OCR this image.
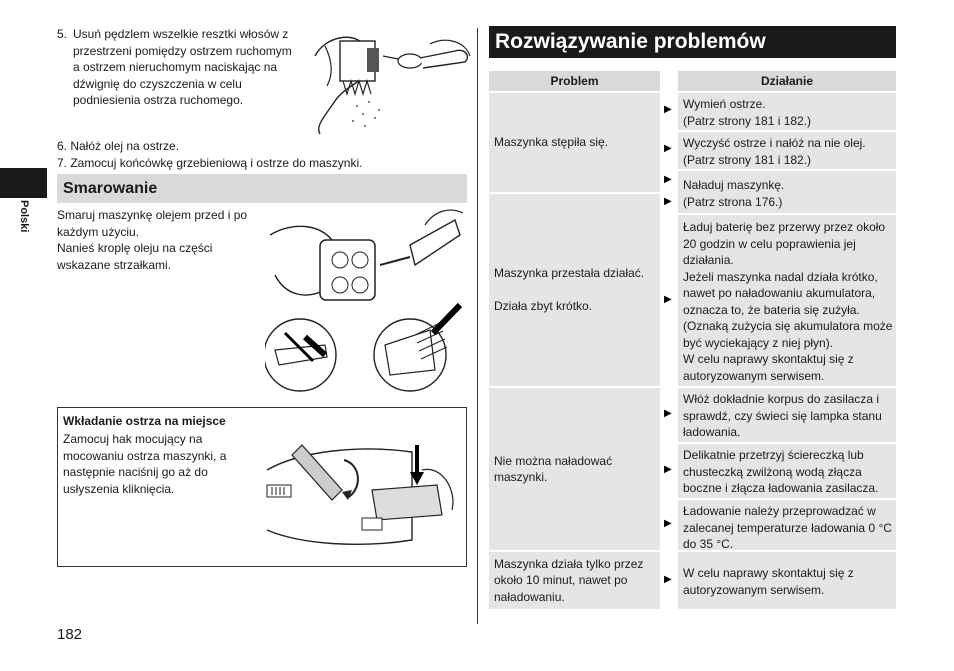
Polski
5. Usuń pędzlem wszelkie resztki włosów z przestrzeni pomiędzy ostrzem ruchomym a ostrzem nieruchomym naciskając na dźwignię do czyszczenia w celu podniesienia ostrza ruchomego.
6. Nałóż olej na ostrze.
7. Zamocuj końcówkę grzebieniową i ostrze do maszynki.
Smarowanie
Smaruj maszynkę olejem przed i po każdym użyciu.
Nanieś kroplę oleju na części wskazane strzałkami.
Wkładanie ostrza na miejsce
Zamocuj hak mocujący na mocowaniu ostrza maszynki, a następnie naciśnij go aż do usłyszenia kliknięcia.
Rozwiązywanie problemów
Problem	Działanie
Maszynka stępiła się.
Wymień ostrze.
(Patrz strony 181 i 182.)
Wyczyść ostrze i nałóż na nie olej.
(Patrz strony 181 i 182.)
Naładuj maszynkę.
(Patrz strona 176.)
▶
▶
▶
▶
Maszynka przestała działać.

Działa zbyt krótko.
Ładuj baterię bez przerwy przez około 20 godzin w celu poprawienia jej działania.
Jeżeli maszynka nadal działa krótko, nawet po naładowaniu akumulatora, oznacza to, że bateria się zużyła. (Oznaką zużycia się akumulatora może być wyciekający z niej płyn).
W celu naprawy skontaktuj się z autoryzowanym serwisem.
▶
Nie można naładować maszynki.
Włóż dokładnie korpus do zasilacza i sprawdź, czy świeci się lampka stanu ładowania.
Delikatnie przetrzyj ściereczką lub chusteczką zwilżoną wodą złącza boczne i złącza ładowania zasilacza.
Ładowanie należy przeprowadzać w zalecanej temperaturze ładowania 0 °C do 35 °C.
▶
▶
▶
Maszynka działa tylko przez około 10 minut, nawet po naładowaniu.
W celu naprawy skontaktuj się z autoryzowanym serwisem.
▶
182
